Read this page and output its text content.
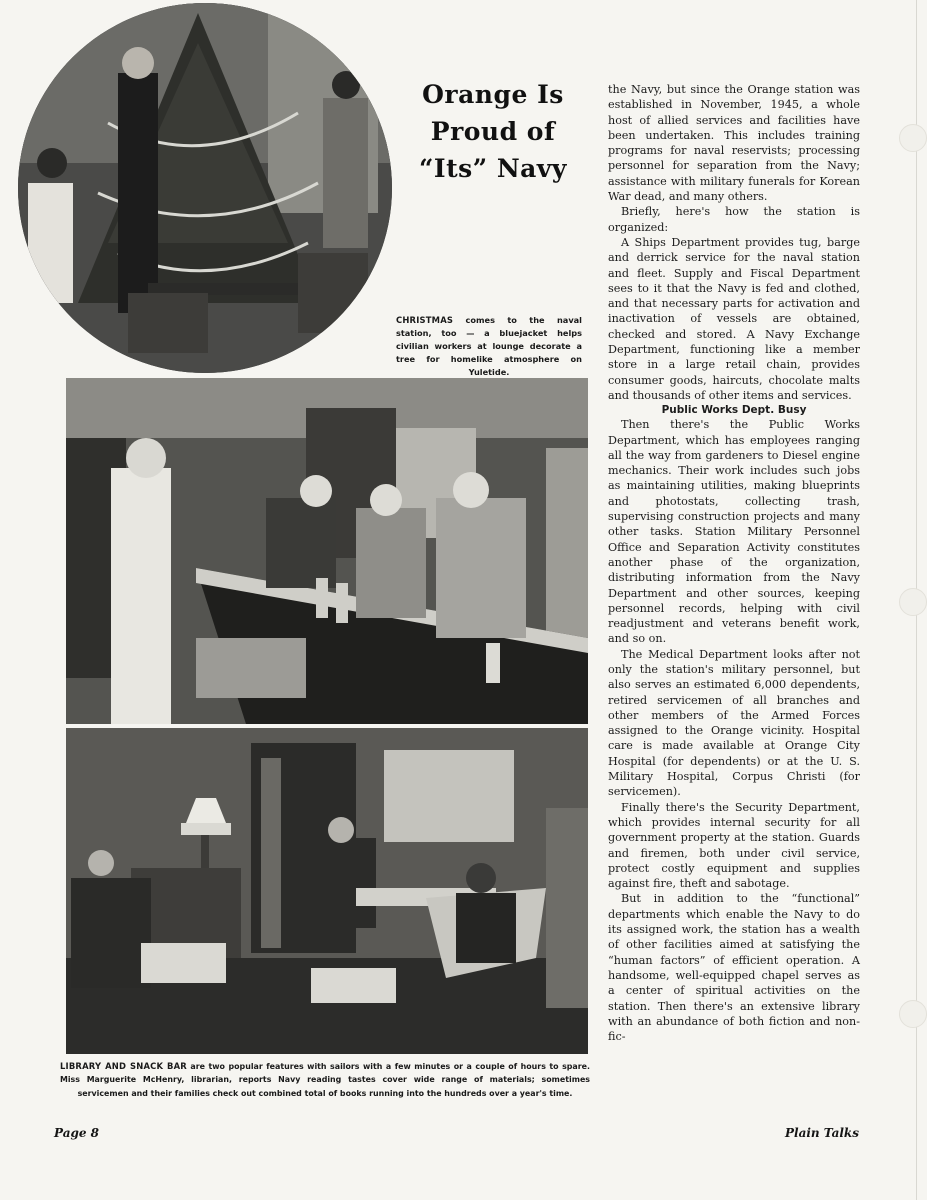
Orange Is
Proud of
“Its” Navy
CHRISTMAS comes to the naval station, too — a bluejacket helps civilian workers at lounge decorate a tree for homelike atmosphere on Yuletide.
LIBRARY AND SNACK BAR are two popular features with sailors with a few minutes or a couple of hours to spare. Miss Marguerite McHenry, librarian, reports Navy reading tastes cover wide range of materials; sometimes servicemen and their families check out combined total of books running into the hundreds over a year's time.

the Navy, but since the Orange station was established in November, 1945, a whole host of allied services and facilities have been undertaken. This includes training programs for naval reservists; processing personnel for separation from the Navy; assistance with military funerals for Korean War dead, and many others.

Briefly, here's how the station is organized:

A Ships Department provides tug, barge and derrick service for the naval station and fleet. Supply and Fiscal Department sees to it that the Navy is fed and clothed, and that necessary parts for activation and inactivation of vessels are obtained, checked and stored. A Navy Exchange Department, functioning like a member store in a large retail chain, provides consumer goods, haircuts, chocolate malts and thousands of other items and services.

Public Works Dept. Busy

Then there's the Public Works Department, which has employees ranging all the way from gardeners to Diesel engine mechanics. Their work includes such jobs as maintaining utilities, making blueprints and photostats, collecting trash, supervising construction projects and many other tasks. Station Military Personnel Office and Separation Activity constitutes another phase of the organization, distributing information from the Navy Department and other sources, keeping personnel records, helping with civil readjustment and veterans benefit work, and so on.

The Medical Department looks after not only the station's military personnel, but also serves an estimated 6,000 dependents, retired servicemen of all branches and other members of the Armed Forces assigned to the Orange vicinity. Hospital care is made available at Orange City Hospital (for dependents) or at the U. S. Military Hospital, Corpus Christi (for servicemen).

Finally there's the Security Department, which provides internal security for all government property at the station. Guards and firemen, both under civil service, protect costly equipment and supplies against fire, theft and sabotage.

But in addition to the “functional” departments which enable the Navy to do its assigned work, the station has a wealth of other facilities aimed at satisfying the “human factors” of efficient operation. A handsome, well-equipped chapel serves as a center of spiritual activities on the station. Then there's an extensive library with an abundance of both fiction and non-fic-

Page 8	Plain Talks
